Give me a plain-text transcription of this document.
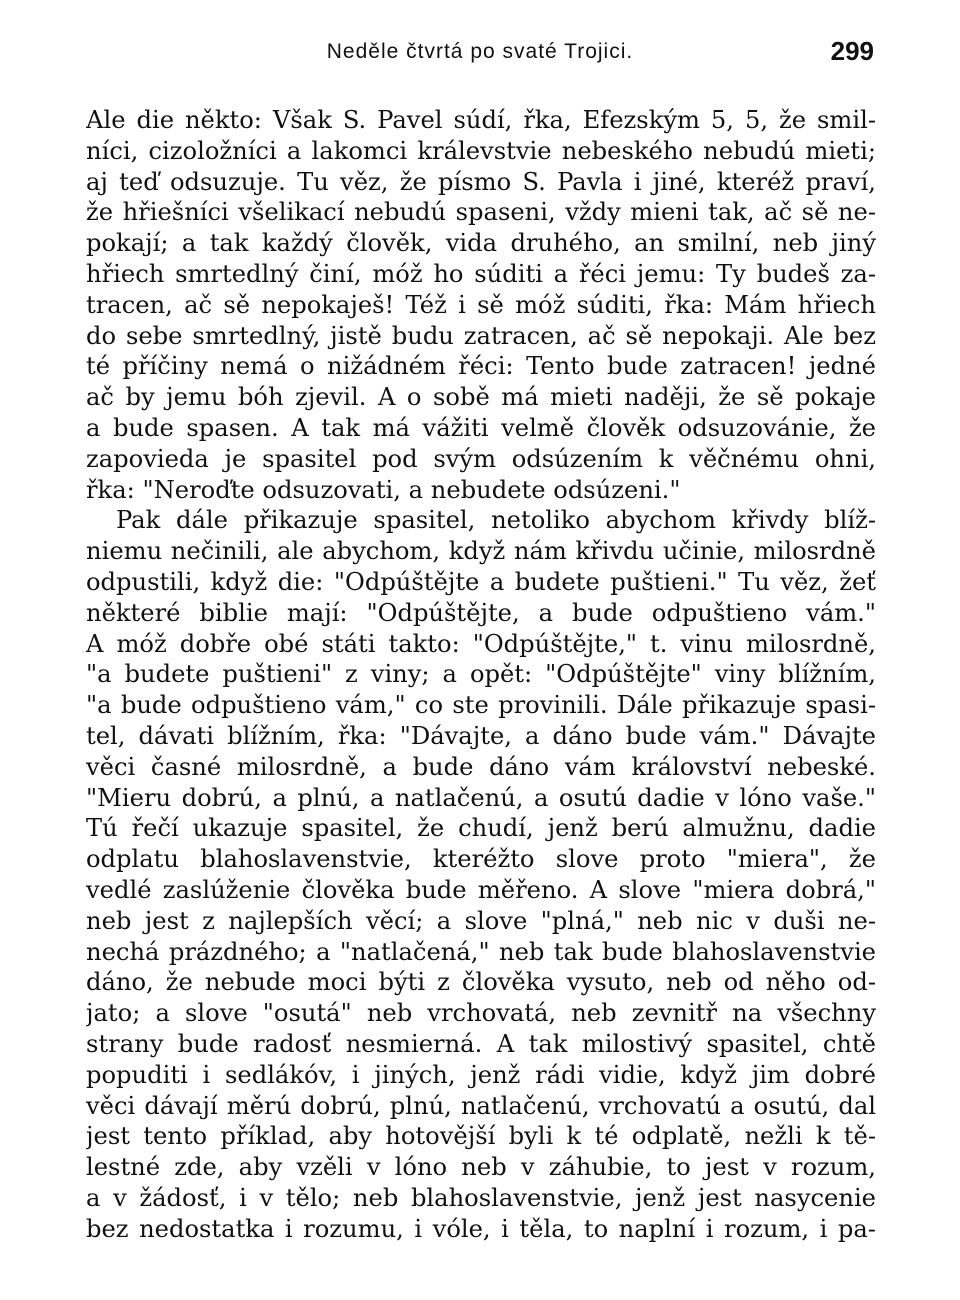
Neděle čtvrtá po svaté Trojici.	299
Ale die někto: Však S. Pavel súdí, řka, Efezským 5, 5, že smil-
níci, cizoložníci a lakomci králevstvie nebeského nebudú mieti;
aj teď odsuzuje. Tu věz, že písmo S. Pavla i jiné, kteréž praví,
že hřiešníci všelikací nebudú spaseni, vždy mieni tak, ač sě ne-
pokají; a tak každý člověk, vida druhého, an smilní, neb jiný
hřiech smrtedlný činí, móž ho súditi a řéci jemu: Ty budeš za-
tracen, ač sě nepokaješ! Též i sě móž súditi, řka: Mám hřiech
do sebe smrtedlný, jistě budu zatracen, ač sě nepokaji. Ale bez
té příčiny nemá o nižádném řéci: Tento bude zatracen! jedné
ač by jemu bóh zjevil. A o sobě má mieti naději, že sě pokaje
a bude spasen. A tak má vážiti velmě člověk odsuzovánie, že
zapovieda je spasitel pod svým odsúzením k věčnému ohni,
řka: "Neroďte odsuzovati, a nebudete odsúzeni."
Pak dále přikazuje spasitel, netoliko abychom křivdy blíž-
niemu nečinili, ale abychom, když nám křivdu učinie, milosrdně
odpustili, když die: "Odpúštějte a budete puštieni." Tu věz, žeť
některé biblie mají: "Odpúštějte, a bude odpuštieno vám."
A móž dobře obé státi takto: "Odpúštějte," t. vinu milosrdně,
"a budete puštieni" z viny; a opět: "Odpúštějte" viny blížním,
"a bude odpuštieno vám," co ste provinili. Dále přikazuje spasi-
tel, dávati blížním, řka: "Dávajte, a dáno bude vám." Dávajte
věci časné milosrdně, a bude dáno vám království nebeské.
"Mieru dobrú, a plnú, a natlačenú, a osutú dadie v lóno vaše."
Tú řečí ukazuje spasitel, že chudí, jenž berú almužnu, dadie
odplatu blahoslavenstvie, kteréžto slove proto "miera", že
vedlé zaslúženie člověka bude měřeno. A slove "miera dobrá,"
neb jest z najlepších věcí; a slove "plná," neb nic v duši ne-
nechá prázdného; a "natlačená," neb tak bude blahoslavenstvie
dáno, že nebude moci býti z člověka vysuto, neb od něho od-
jato; a slove "osutá" neb vrchovatá, neb zevnitř na všechny
strany bude radosť nesmierná. A tak milostivý spasitel, chtě
popuditi i sedlákóv, i jiných, jenž rádi vidie, když jim dobré
věci dávají měrú dobrú, plnú, natlačenú, vrchovatú a osutú, dal
jest tento příklad, aby hotovější byli k té odplatě, nežli k tě-
lestné zde, aby vzěli v lóno neb v záhubie, to jest v rozum,
a v žádosť, i v tělo; neb blahoslavenstvie, jenž jest nasycenie
bez nedostatka i rozumu, i vóle, i těla, to naplní i rozum, i pa-
